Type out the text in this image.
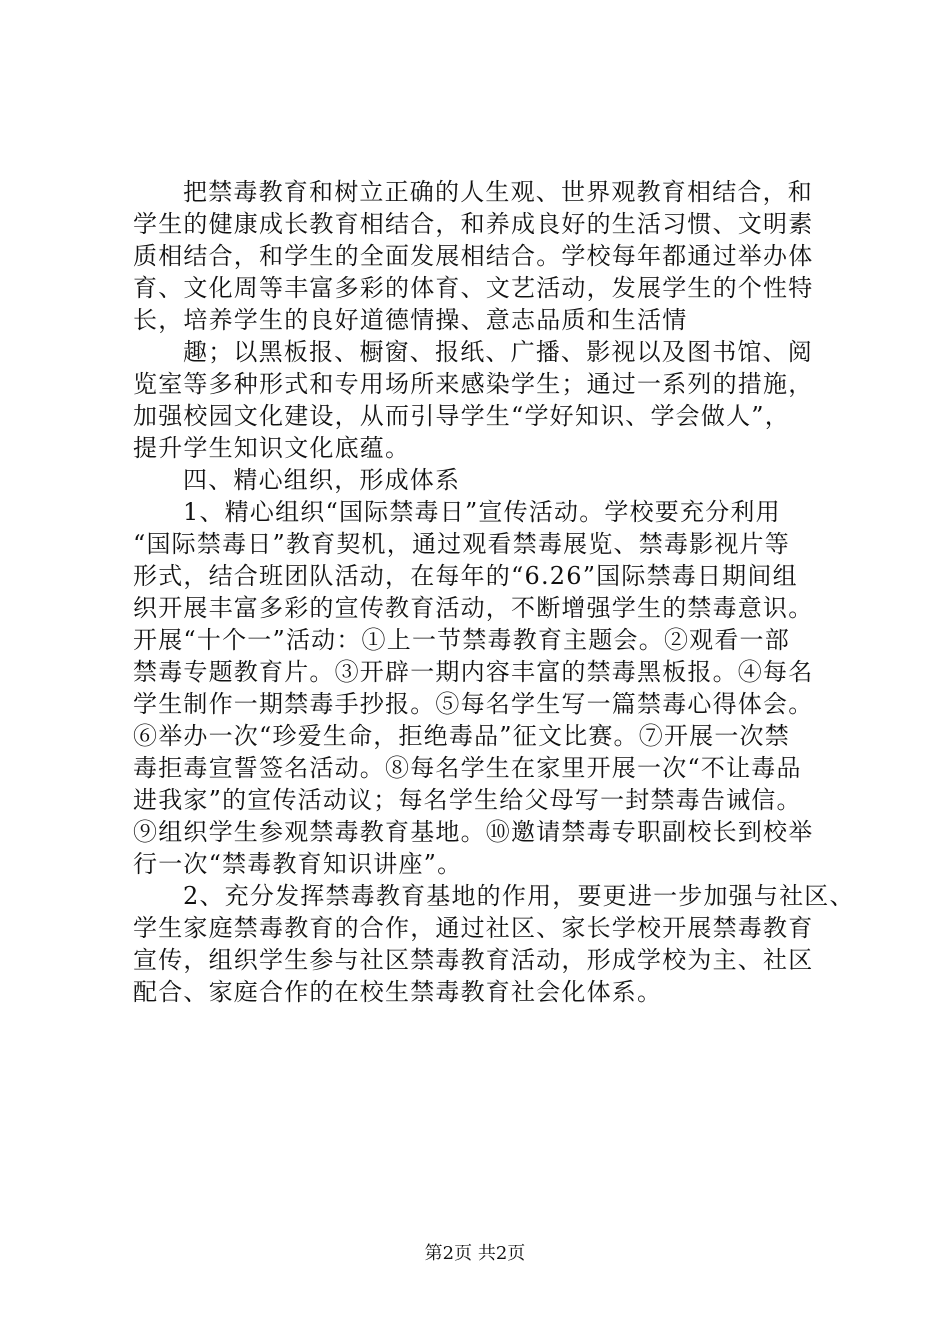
把禁毒教育和树立正确的人生观、世界观教育相结合，和
学生的健康成长教育相结合，和养成良好的生活习惯、文明素
质相结合，和学生的全面发展相结合。学校每年都通过举办体
育、文化周等丰富多彩的体育、文艺活动，发展学生的个性特
长，培养学生的良好道德情操、意志品质和生活情
趣；以黑板报、橱窗、报纸、广播、影视以及图书馆、阅
览室等多种形式和专用场所来感染学生；通过一系列的措施，
加强校园文化建设，从而引导学生“学好知识、学会做人”，
提升学生知识文化底蕴。
四、精心组织，形成体系
1、精心组织“国际禁毒日”宣传活动。学校要充分利用
“国际禁毒日”教育契机，通过观看禁毒展览、禁毒影视片等
形式，结合班团队活动，在每年的“6.26”国际禁毒日期间组
织开展丰富多彩的宣传教育活动，不断增强学生的禁毒意识。
开展“十个一”活动：①上一节禁毒教育主题会。②观看一部
禁毒专题教育片。③开辟一期内容丰富的禁毒黑板报。④每名
学生制作一期禁毒手抄报。⑤每名学生写一篇禁毒心得体会。
⑥举办一次“珍爱生命，拒绝毒品”征文比赛。⑦开展一次禁
毒拒毒宣誓签名活动。⑧每名学生在家里开展一次“不让毒品
进我家”的宣传活动议；每名学生给父母写一封禁毒告诫信。
⑨组织学生参观禁毒教育基地。⑩邀请禁毒专职副校长到校举
行一次“禁毒教育知识讲座”。
2、充分发挥禁毒教育基地的作用，要更进一步加强与社区、
学生家庭禁毒教育的合作，通过社区、家长学校开展禁毒教育
宣传，组织学生参与社区禁毒教育活动，形成学校为主、社区
配合、家庭合作的在校生禁毒教育社会化体系。
第2页 共2页
